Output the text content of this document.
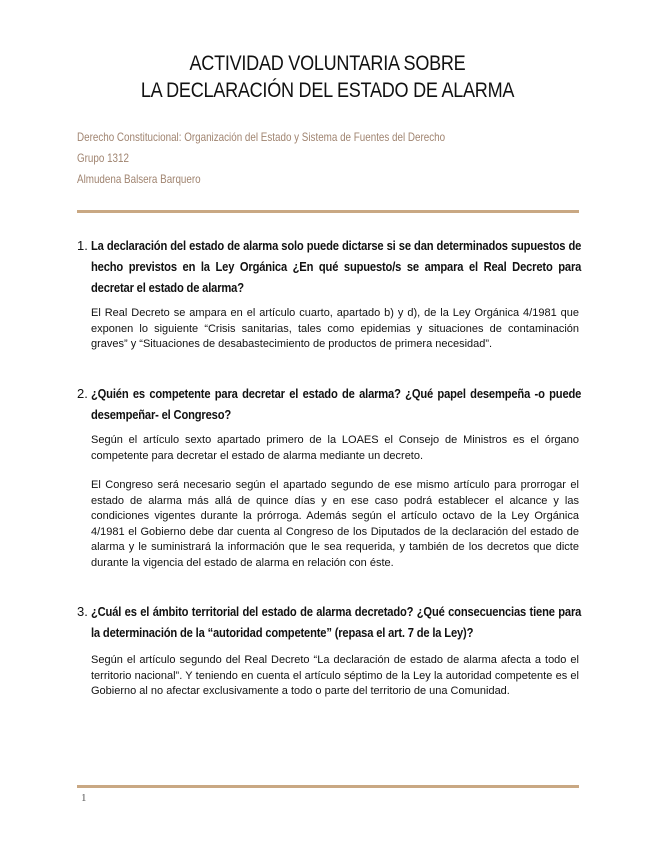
ACTIVIDAD VOLUNTARIA SOBRE
LA DECLARACIÓN DEL ESTADO DE ALARMA
Derecho Constitucional: Organización del Estado y Sistema de Fuentes del Derecho
Grupo 1312
Almudena Balsera Barquero
1. La declaración del estado de alarma solo puede dictarse si se dan determinados supuestos de hecho previstos en la Ley Orgánica ¿En qué supuesto/s se ampara el Real Decreto para decretar el estado de alarma?
El Real Decreto se ampara en el artículo cuarto, apartado b) y d), de la Ley Orgánica 4/1981 que exponen lo siguiente “Crisis sanitarias, tales como epidemias y situaciones de contaminación graves” y “Situaciones de desabastecimiento de productos de primera necesidad”.
2. ¿Quién es competente para decretar el estado de alarma? ¿Qué papel desempeña -o puede desempeñar- el Congreso?
Según el artículo sexto apartado primero de la LOAES el Consejo de Ministros es el órgano competente para decretar el estado de alarma mediante un decreto.
El Congreso será necesario según el apartado segundo de ese mismo artículo para prorrogar el estado de alarma más allá de quince días y en ese caso podrá establecer el alcance y las condiciones vigentes durante la prórroga. Además según el artículo octavo de la Ley Orgánica 4/1981 el Gobierno debe dar cuenta al Congreso de los Diputados de la declaración del estado de alarma y le suministrará la información que le sea requerida, y también de los decretos que dicte durante la vigencia del estado de alarma en relación con éste.
3. ¿Cuál es el ámbito territorial del estado de alarma decretado? ¿Qué consecuencias tiene para la determinación de la “autoridad competente” (repasa el art. 7 de la Ley)?
Según el artículo segundo del Real Decreto “La declaración de estado de alarma afecta a todo el territorio nacional”. Y teniendo en cuenta el artículo séptimo de la Ley la autoridad competente es el Gobierno al no afectar exclusivamente a todo o parte del territorio de una Comunidad.
1
